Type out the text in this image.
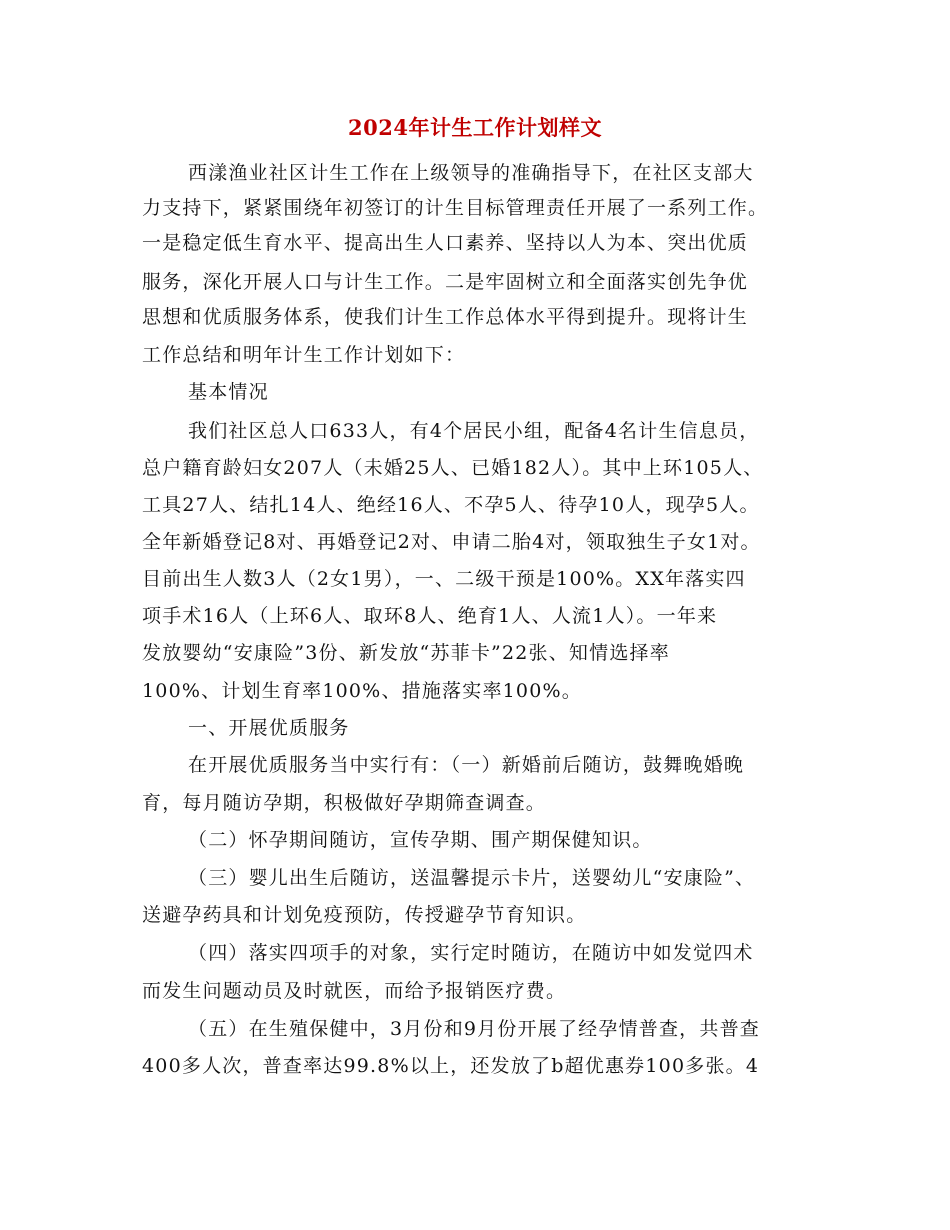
2024年计生工作计划样文
西漾渔业社区计生工作在上级领导的准确指导下，在社区支部大
力支持下，紧紧围绕年初签订的计生目标管理责任开展了一系列工作。
一是稳定低生育水平、提高出生人口素养、坚持以人为本、突出优质
服务，深化开展人口与计生工作。二是牢固树立和全面落实创先争优
思想和优质服务体系，使我们计生工作总体水平得到提升。现将计生
工作总结和明年计生工作计划如下：
基本情况
我们社区总人口633人，有4个居民小组，配备4名计生信息员，
总户籍育龄妇女207人（未婚25人、已婚182人）。其中上环105人、
工具27人、结扎14人、绝经16人、不孕5人、待孕10人，现孕5人。
全年新婚登记8对、再婚登记2对、申请二胎4对，领取独生子女1对。
目前出生人数3人（2女1男），一、二级干预是100%。XX年落实四
项手术16人（上环6人、取环8人、绝育1人、人流1人）。一年来
发放婴幼“安康险”3份、新发放“苏菲卡”22张、知情选择率
100%、计划生育率100%、措施落实率100%。
一、开展优质服务
在开展优质服务当中实行有：（一）新婚前后随访，鼓舞晚婚晚
育，每月随访孕期，积极做好孕期筛查调查。
（二）怀孕期间随访，宣传孕期、围产期保健知识。
（三）婴儿出生后随访，送温馨提示卡片，送婴幼儿“安康险”、
送避孕药具和计划免疫预防，传授避孕节育知识。
（四）落实四项手的对象，实行定时随访，在随访中如发觉四术
而发生问题动员及时就医，而给予报销医疗费。
（五）在生殖保健中，3月份和9月份开展了经孕情普查，共普查
400多人次，普查率达99.8%以上，还发放了b超优惠券100多张。4
